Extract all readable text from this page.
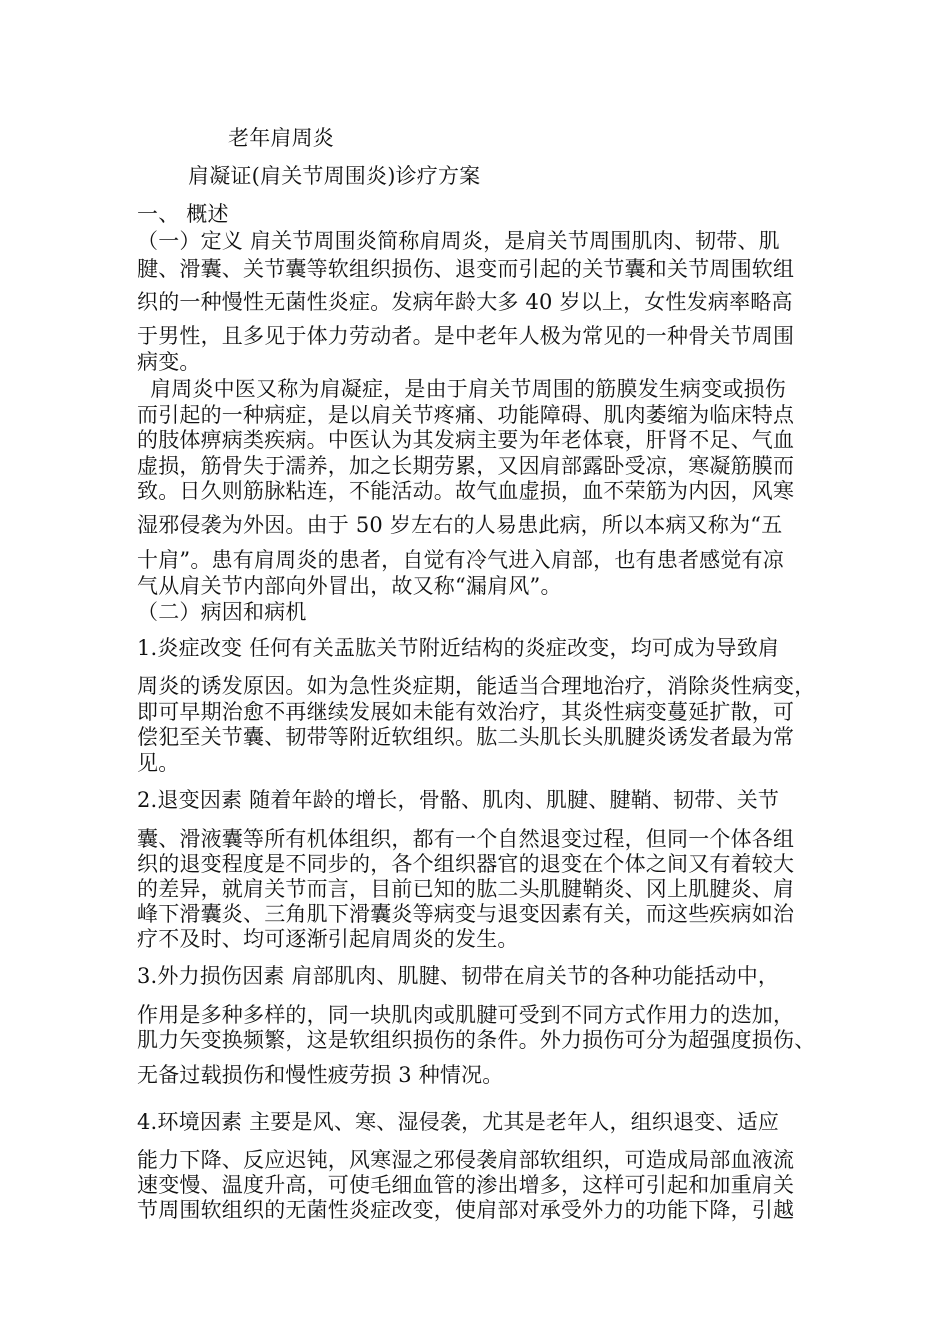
老年肩周炎
肩凝证(肩关节周围炎)诊疗方案
一、 概述
（一）定义 肩关节周围炎简称肩周炎，是肩关节周围肌肉、韧带、肌
腱、滑囊、关节囊等软组织损伤、退变而引起的关节囊和关节周围软组
织的一种慢性无菌性炎症。发病年龄大多 40 岁以上，女性发病率略高
于男性，且多见于体力劳动者。是中老年人极为常见的一种骨关节周围
病变。
肩周炎中医又称为肩凝症，是由于肩关节周围的筋膜发生病变或损伤
而引起的一种病症，是以肩关节疼痛、功能障碍、肌肉萎缩为临床特点
的肢体痹病类疾病。中医认为其发病主要为年老体衰，肝肾不足、气血
虚损，筋骨失于濡养，加之长期劳累，又因肩部露卧受凉，寒凝筋膜而
致。日久则筋脉粘连，不能活动。故气血虚损，血不荣筋为内因，风寒
湿邪侵袭为外因。由于 50 岁左右的人易患此病，所以本病又称为“五
十肩”。患有肩周炎的患者，自觉有冷气进入肩部，也有患者感觉有凉
气从肩关节内部向外冒出，故又称“漏肩风”。
（二）病因和病机
1.炎症改变 任何有关盂肱关节附近结构的炎症改变，均可成为导致肩
周炎的诱发原因。如为急性炎症期，能适当合理地治疗，消除炎性病变，
即可早期治愈不再继续发展如未能有效治疗，其炎性病变蔓延扩散，可
偿犯至关节囊、韧带等附近软组织。肱二头肌长头肌腱炎诱发者最为常
见。
2.退变因素 随着年龄的增长，骨骼、肌肉、肌腱、腱鞘、韧带、关节
囊、滑液囊等所有机体组织，都有一个自然退变过程，但同一个体各组
织的退变程度是不同步的，各个组织器官的退变在个体之间又有着较大
的差异，就肩关节而言，目前已知的肱二头肌腱鞘炎、冈上肌腱炎、肩
峰下滑囊炎、三角肌下滑囊炎等病变与退变因素有关，而这些疾病如治
疗不及时、均可逐渐引起肩周炎的发生。
3.外力损伤因素 肩部肌肉、肌腱、韧带在肩关节的各种功能括动中，
作用是多种多样的，同一块肌肉或肌腱可受到不同方式作用力的迭加，
肌力矢变换频繁，这是软组织损伤的条件。外力损伤可分为超强度损伤、
无备过载损伤和慢性疲劳损 3 种情况。
4.环境因素 主要是风、寒、湿侵袭，尤其是老年人，组织退变、适应
能力下降、反应迟钝，风寒湿之邪侵袭肩部软组织，可造成局部血液流
速变慢、温度升高，可使毛细血管的渗出增多，这样可引起和加重肩关
节周围软组织的无菌性炎症改变，使肩部对承受外力的功能下降，引越
